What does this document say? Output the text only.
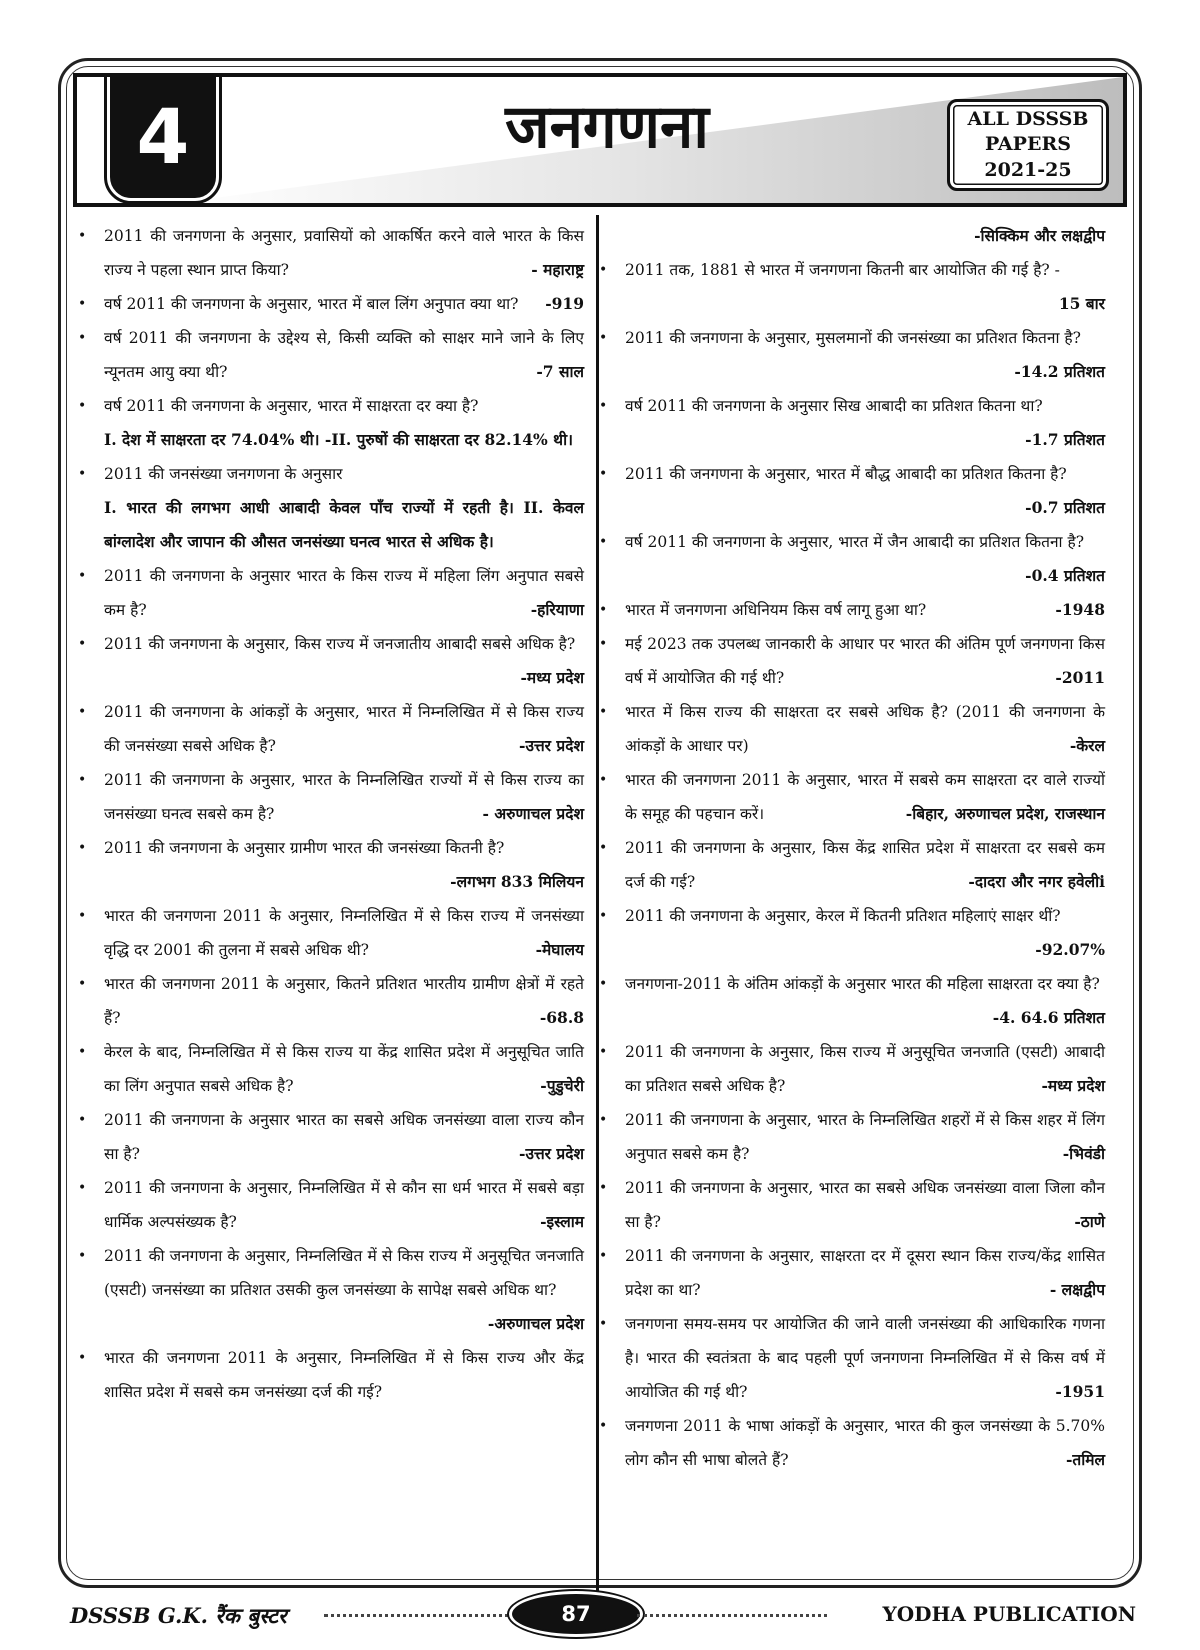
4	जनगणना	ALL DSSSB
PAPERS
2021-25

• 2011 की जनगणना के अनुसार, प्रवासियों को आकर्षित करने वाले भारत के किस राज्य ने पहला स्थान प्राप्त किया?	- महाराष्ट्र

• वर्ष 2011 की जनगणना के अनुसार, भारत में बाल लिंग अनुपात क्या था?	-919

• वर्ष 2011 की जनगणना के उद्देश्य से, किसी व्यक्ति को साक्षर माने जाने के लिए न्यूनतम आयु क्या थी?	-7 साल

• वर्ष 2011 की जनगणना के अनुसार, भारत में साक्षरता दर क्या है?
I. देश में साक्षरता दर 74.04% थी। -II. पुरुषों की साक्षरता दर 82.14% थी।

• 2011 की जनसंख्या जनगणना के अनुसार
I. भारत की लगभग आधी आबादी केवल पाँच राज्यों में रहती है। II. केवल बांग्लादेश और जापान की औसत जनसंख्या घनत्व भारत से अधिक है।

• 2011 की जनगणना के अनुसार भारत के किस राज्य में महिला लिंग अनुपात सबसे कम है?	-हरियाणा

• 2011 की जनगणना के अनुसार, किस राज्य में जनजातीय आबादी सबसे अधिक है?
-मध्य प्रदेश

• 2011 की जनगणना के आंकड़ों के अनुसार, भारत में निम्नलिखित में से किस राज्य की जनसंख्या सबसे अधिक है?	-उत्तर प्रदेश

• 2011 की जनगणना के अनुसार, भारत के निम्नलिखित राज्यों में से किस राज्य का जनसंख्या घनत्व सबसे कम है?	- अरुणाचल प्रदेश

• 2011 की जनगणना के अनुसार ग्रामीण भारत की जनसंख्या कितनी है?
-लगभग 833 मिलियन

• भारत की जनगणना 2011 के अनुसार, निम्नलिखित में से किस राज्य में जनसंख्या वृद्धि दर 2001 की तुलना में सबसे अधिक थी?	-मेघालय

• भारत की जनगणना 2011 के अनुसार, कितने प्रतिशत भारतीय ग्रामीण क्षेत्रों में रहते हैं?	-68.8

• केरल के बाद, निम्नलिखित में से किस राज्य या केंद्र शासित प्रदेश में अनुसूचित जाति का लिंग अनुपात सबसे अधिक है?	-पुडुचेरी

• 2011 की जनगणना के अनुसार भारत का सबसे अधिक जनसंख्या वाला राज्य कौन सा है?	-उत्तर प्रदेश

• 2011 की जनगणना के अनुसार, निम्नलिखित में से कौन सा धर्म भारत में सबसे बड़ा धार्मिक अल्पसंख्यक है?	-इस्लाम

• 2011 की जनगणना के अनुसार, निम्नलिखित में से किस राज्य में अनुसूचित जनजाति (एसटी) जनसंख्या का प्रतिशत उसकी कुल जनसंख्या के सापेक्ष सबसे अधिक था?
-अरुणाचल प्रदेश

• भारत की जनगणना 2011 के अनुसार, निम्नलिखित में से किस राज्य और केंद्र शासित प्रदेश में सबसे कम जनसंख्या दर्ज की गई?

-सिक्किम और लक्षद्वीप

• 2011 तक, 1881 से भारत में जनगणना कितनी बार आयोजित की गई है? -
15 बार

• 2011 की जनगणना के अनुसार, मुसलमानों की जनसंख्या का प्रतिशत कितना है?
-14.2 प्रतिशत

• वर्ष 2011 की जनगणना के अनुसार सिख आबादी का प्रतिशत कितना था?
-1.7 प्रतिशत

• 2011 की जनगणना के अनुसार, भारत में बौद्ध आबादी का प्रतिशत कितना है?
-0.7 प्रतिशत

• वर्ष 2011 की जनगणना के अनुसार, भारत में जैन आबादी का प्रतिशत कितना है?
-0.4 प्रतिशत

• भारत में जनगणना अधिनियम किस वर्ष लागू हुआ था?	-1948

• मई 2023 तक उपलब्ध जानकारी के आधार पर भारत की अंतिम पूर्ण जनगणना किस वर्ष में आयोजित की गई थी?	-2011

• भारत में किस राज्य की साक्षरता दर सबसे अधिक है? (2011 की जनगणना के आंकड़ों के आधार पर)	-केरल

• भारत की जनगणना 2011 के अनुसार, भारत में सबसे कम साक्षरता दर वाले राज्यों के समूह की पहचान करें।	-बिहार, अरुणाचल प्रदेश, राजस्थान

• 2011 की जनगणना के अनुसार, किस केंद्र शासित प्रदेश में साक्षरता दर सबसे कम दर्ज की गई?	-दादरा और नगर हवेलीi

• 2011 की जनगणना के अनुसार, केरल में कितनी प्रतिशत महिलाएं साक्षर थीं?
-92.07%

• जनगणना-2011 के अंतिम आंकड़ों के अनुसार भारत की महिला साक्षरता दर क्या है?
-4. 64.6 प्रतिशत

• 2011 की जनगणना के अनुसार, किस राज्य में अनुसूचित जनजाति (एसटी) आबादी का प्रतिशत सबसे अधिक है?	-मध्य प्रदेश

• 2011 की जनगणना के अनुसार, भारत के निम्नलिखित शहरों में से किस शहर में लिंग अनुपात सबसे कम है?	-भिवंडी

• 2011 की जनगणना के अनुसार, भारत का सबसे अधिक जनसंख्या वाला जिला कौन सा है?	-ठाणे

• 2011 की जनगणना के अनुसार, साक्षरता दर में दूसरा स्थान किस राज्य/केंद्र शासित प्रदेश का था?	- लक्षद्वीप

• जनगणना समय-समय पर आयोजित की जाने वाली जनसंख्या की आधिकारिक गणना है। भारत की स्वतंत्रता के बाद पहली पूर्ण जनगणना निम्नलिखित में से किस वर्ष में आयोजित की गई थी?	-1951

• जनगणना 2011 के भाषा आंकड़ों के अनुसार, भारत की कुल जनसंख्या के 5.70% लोग कौन सी भाषा बोलते हैं?	-तमिल

DSSSB G.K. रैंक बुस्टर	87	YODHA PUBLICATION
